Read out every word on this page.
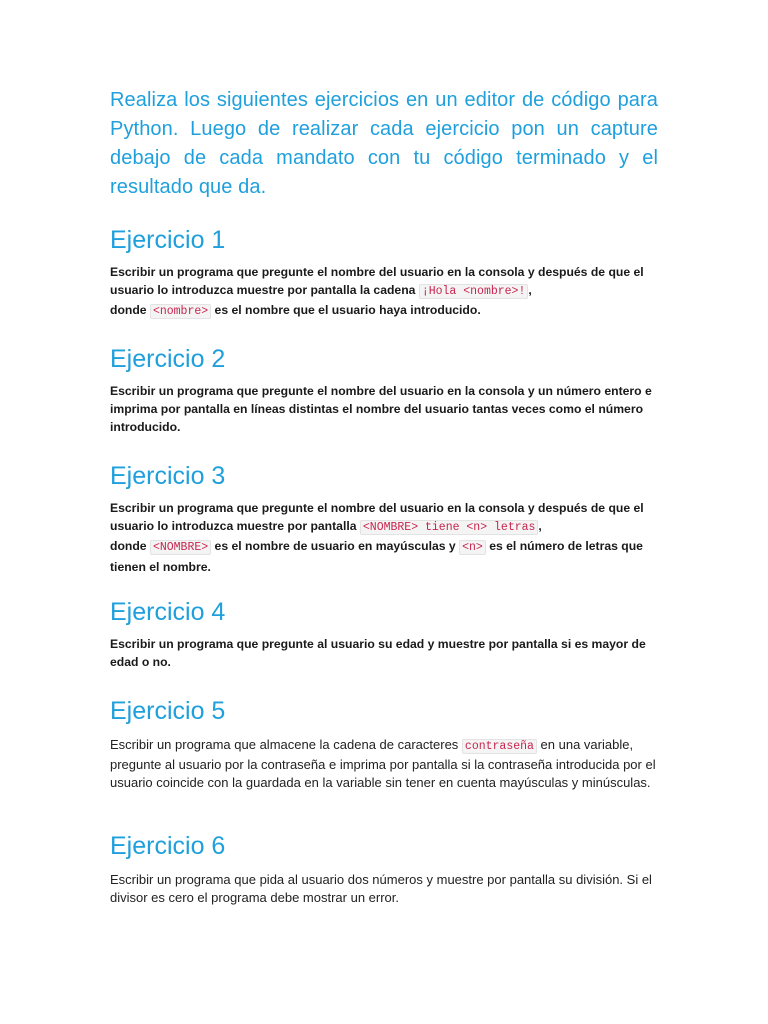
Realiza los siguientes ejercicios en un editor de código para Python. Luego de realizar cada ejercicio pon un capture debajo de cada mandato con tu código terminado y el resultado que da.

Ejercicio 1

Escribir un programa que pregunte el nombre del usuario en la consola y después de que el usuario lo introduzca muestre por pantalla la cadena ¡Hola <nombre>! ,
donde <nombre> es el nombre que el usuario haya introducido.

Ejercicio 2

Escribir un programa que pregunte el nombre del usuario en la consola y un número entero e imprima por pantalla en líneas distintas el nombre del usuario tantas veces como el número introducido.

Ejercicio 3

Escribir un programa que pregunte el nombre del usuario en la consola y después de que el usuario lo introduzca muestre por pantalla <NOMBRE> tiene <n> letras ,
donde <NOMBRE> es el nombre de usuario en mayúsculas y <n> es el número de letras que tienen el nombre.

Ejercicio 4

Escribir un programa que pregunte al usuario su edad y muestre por pantalla si es mayor de edad o no.

Ejercicio 5

Escribir un programa que almacene la cadena de caracteres contraseña en una variable, pregunte al usuario por la contraseña e imprima por pantalla si la contraseña introducida por el usuario coincide con la guardada en la variable sin tener en cuenta mayúsculas y minúsculas.

Ejercicio 6

Escribir un programa que pida al usuario dos números y muestre por pantalla su división. Si el divisor es cero el programa debe mostrar un error.
